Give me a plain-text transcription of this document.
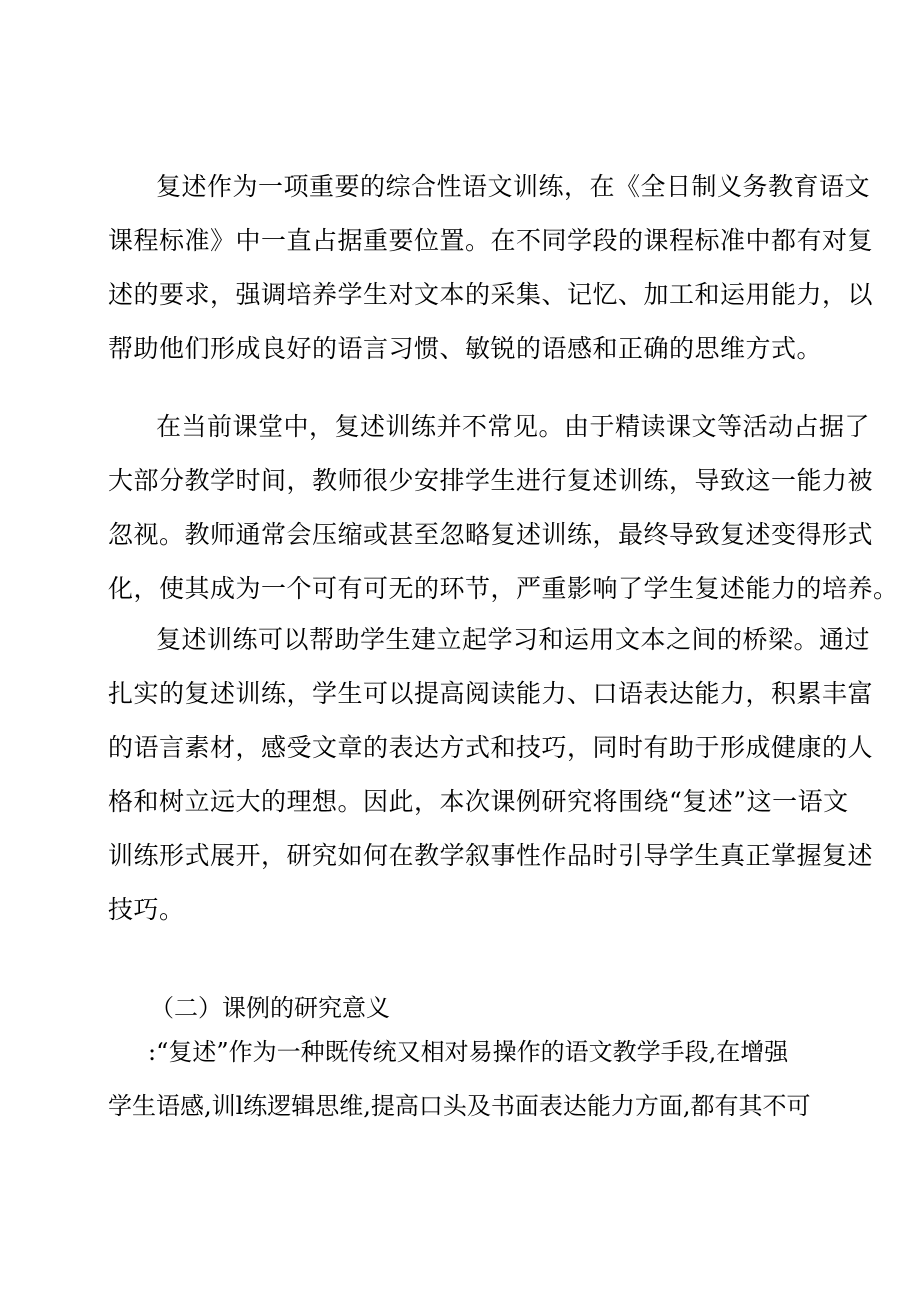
复述作为一项重要的综合性语文训练，在《全日制义务教育语文
课程标准》中一直占据重要位置。在不同学段的课程标准中都有对复
述的要求，强调培养学生对文本的采集、记忆、加工和运用能力，以
帮助他们形成良好的语言习惯、敏锐的语感和正确的思维方式。
在当前课堂中，复述训练并不常见。由于精读课文等活动占据了
大部分教学时间，教师很少安排学生进行复述训练，导致这一能力被
忽视。教师通常会压缩或甚至忽略复述训练，最终导致复述变得形式
化，使其成为一个可有可无的环节，严重影响了学生复述能力的培养。
复述训练可以帮助学生建立起学习和运用文本之间的桥梁。通过
扎实的复述训练，学生可以提高阅读能力、口语表达能力，积累丰富
的语言素材，感受文章的表达方式和技巧，同时有助于形成健康的人
格和树立远大的理想。因此，本次课例研究将围绕“复述”这一语文
训练形式展开，研究如何在教学叙事性作品时引导学生真正掌握复述
技巧。

（二）课例的研究意义

:“复述”作为一种既传统又相对易操作的语文教学手段,在增强
学生语感,训l练逻辑思维,提高口头及书面表达能力方面,都有其不可
